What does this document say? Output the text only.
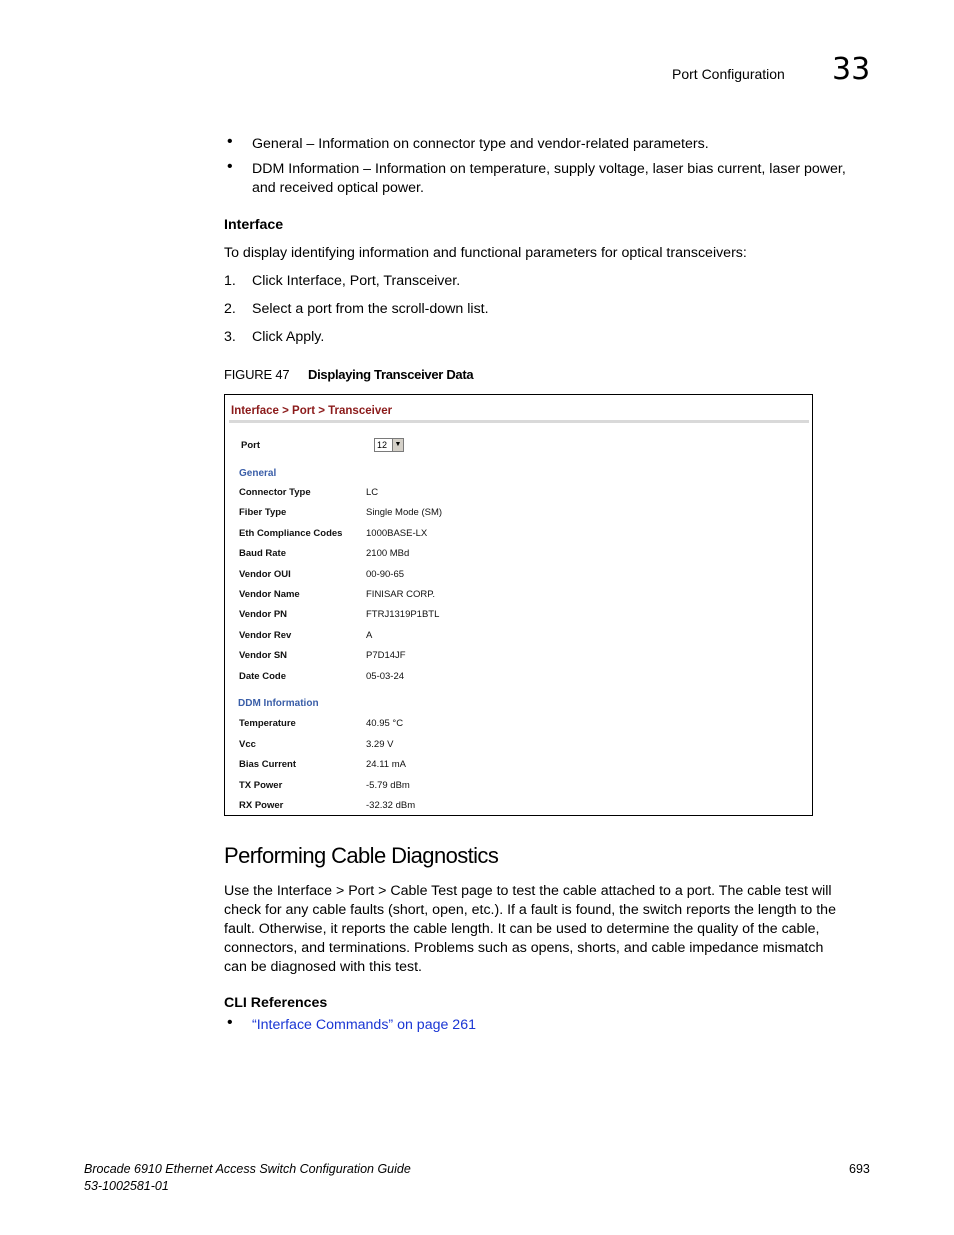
Port Configuration 33
• General – Information on connector type and vendor-related parameters.
• DDM Information – Information on temperature, supply voltage, laser bias current, laser power,
and received optical power.
Interface
To display identifying information and functional parameters for optical transceivers:
1. Click Interface, Port, Transceiver.
2. Select a port from the scroll-down list.
3. Click Apply.
FIGURE 47 Displaying Transceiver Data
Interface > Port > Transceiver
Port	12	▼
General
Connector Type	LC
Fiber Type	Single Mode (SM)
Eth Compliance Codes 1000BASE-LX
Baud Rate	2100 MBd
Vendor OUI	00-90-65
Vendor Name	FINISAR CORP.
Vendor PN	FTRJ1319P1BTL
Vendor Rev	A
Vendor SN	P7D14JF
Date Code	05-03-24
DDM Information
Temperature	40.95 °C
Vcc	3.29 V
Bias Current	24.11 mA
TX Power	-5.79 dBm
RX Power	-32.32 dBm
Performing Cable Diagnostics
Use the Interface > Port > Cable Test page to test the cable attached to a port. The cable test will
check for any cable faults (short, open, etc.). If a fault is found, the switch reports the length to the
fault. Otherwise, it reports the cable length. It can be used to determine the quality of the cable,
connectors, and terminations. Problems such as opens, shorts, and cable impedance mismatch
can be diagnosed with this test.
CLI References
• “Interface Commands” on page 261
Brocade 6910 Ethernet Access Switch Configuration Guide
53-1002581-01
693
